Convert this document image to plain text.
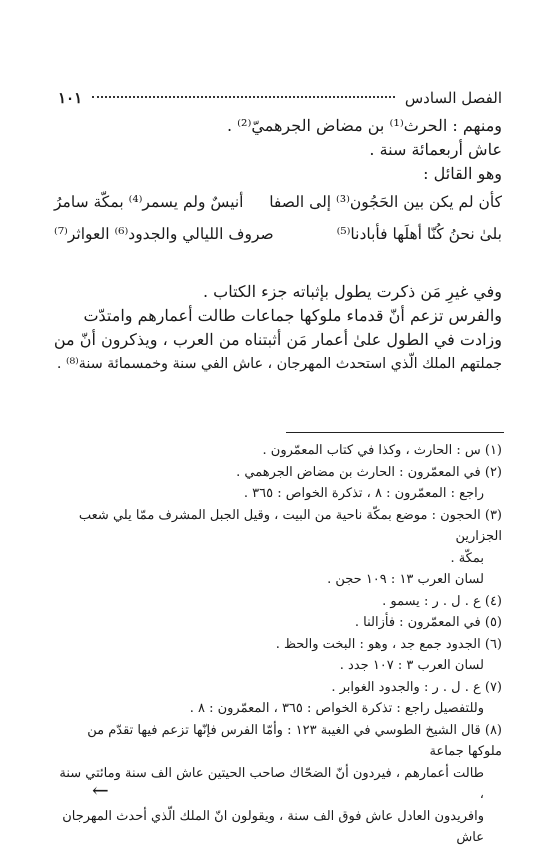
الفصل السادس
١٠١
ومنهم : الحرث⁽¹⁾ بن مضاض الجرهميّ⁽²⁾ .
عاش أربعمائة سنة .
وهو القائل :
كأن لم يكن بين الحَجُون⁽³⁾ إلى الصفا
أنيسٌ ولم يسمر⁽⁴⁾ بمكّة سامرُ
بلىٰ نحنُ كُنّا أهلَها فأبادنا⁽⁵⁾
صروف الليالي والجدود⁽⁶⁾ العواثر⁽⁷⁾
وفي غيرِ مَن ذكرت يطول بإثباته جزء الكتاب .
والفرس تزعم أنّ قدماء ملوكها جماعات طالت أعمارهم وامتدّت
وزادت في الطول علىٰ أعمار مَن أثبتناه من العرب ، ويذكرون أنّ من
جملتهم الملك الّذي استحدث المهرجان ، عاش الفي سنة وخمسمائة سنة⁽⁸⁾ .
(١) س : الحارث ، وكذا في كتاب المعمّرون .
(٢) في المعمّرون : الحارث بن مضاض الجرهمي .
راجع : المعمّرون : ٨ ، تذكرة الخواص : ٣٦٥ .
(٣) الحجون : موضع بمكّة ناحية من البيت ، وقيل الجبل المشرف ممّا يلي شعب الجزارين
بمكّة .
لسان العرب ١٣ : ١٠٩ حجن .
(٤) ع . ل . ر : يسمو .
(٥) في المعمّرون : فأزالنا .
(٦) الجدود جمع جد ، وهو : البخت والحظ .
لسان العرب ٣ : ١٠٧ جدد .
(٧) ع . ل . ر : والجدود الغوابر .
وللتفصيل راجع : تذكرة الخواص : ٣٦٥ ، المعمّرون : ٨ .
(٨) قال الشيخ الطوسي في الغيبة ١٢٣ : وأمّا الفرس فإنّها تزعم فيها تقدّم من ملوكها جماعة
طالت أعمارهم ، فيردون أنّ الضحّاك صاحب الحيتين عاش الف سنة ومائتي سنة ،
وافريدون العادل عاش فوق الف سنة ، ويقولون انّ الملك الّذي أحدث المهرجان عاش
←
